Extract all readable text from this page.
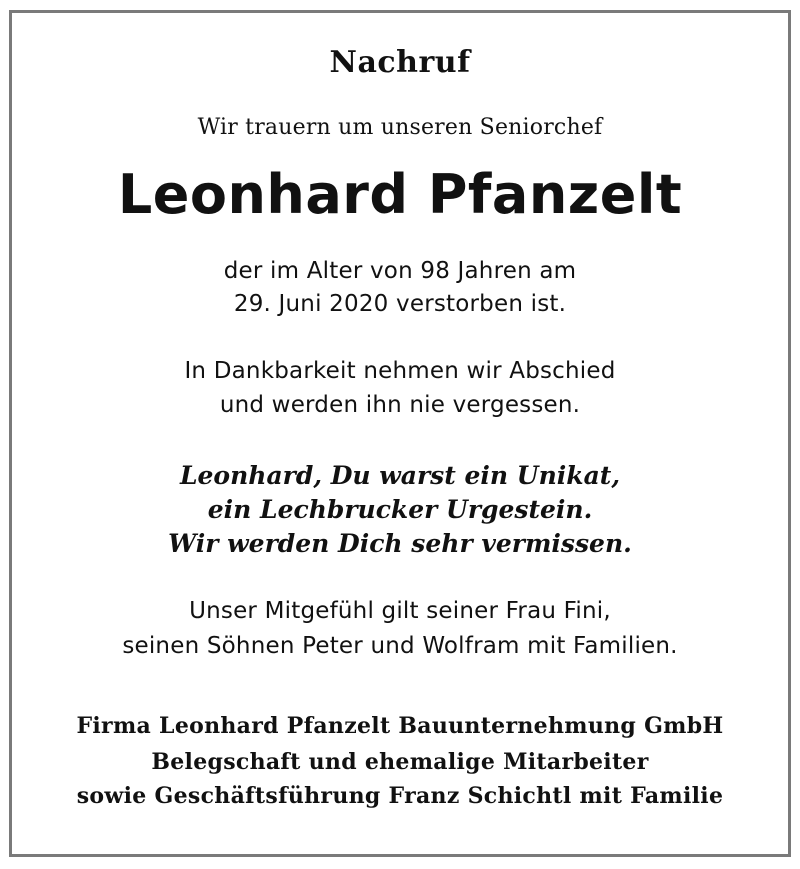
Nachruf
Wir trauern um unseren Seniorchef
Leonhard Pfanzelt
der im Alter von 98 Jahren am
29. Juni 2020 verstorben ist.
In Dankbarkeit nehmen wir Abschied
und werden ihn nie vergessen.
Leonhard, Du warst ein Unikat,
ein Lechbrucker Urgestein.
Wir werden Dich sehr vermissen.
Unser Mitgefühl gilt seiner Frau Fini,
seinen Söhnen Peter und Wolfram mit Familien.
Firma Leonhard Pfanzelt Bauunternehmung GmbH
Belegschaft und ehemalige Mitarbeiter
sowie Geschäftsführung Franz Schichtl mit Familie
